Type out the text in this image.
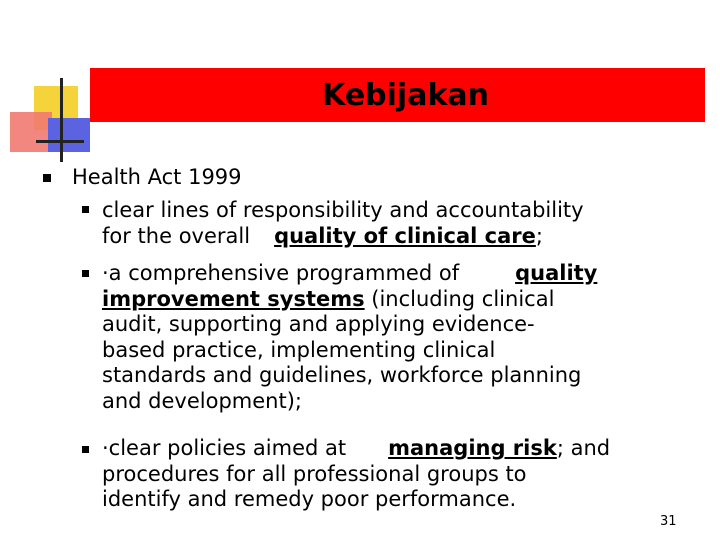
Kebijakan
Health Act 1999
clear lines of responsibility and accountability
for the overall quality of clinical care;
·a comprehensive programmed of	quality
improvement systems (including clinical
audit, supporting and applying evidence-
based practice, implementing clinical
standards and guidelines, workforce planning
and development);
·clear policies aimed at managing risk; and
procedures for all professional groups to
identify and remedy poor performance.
31
